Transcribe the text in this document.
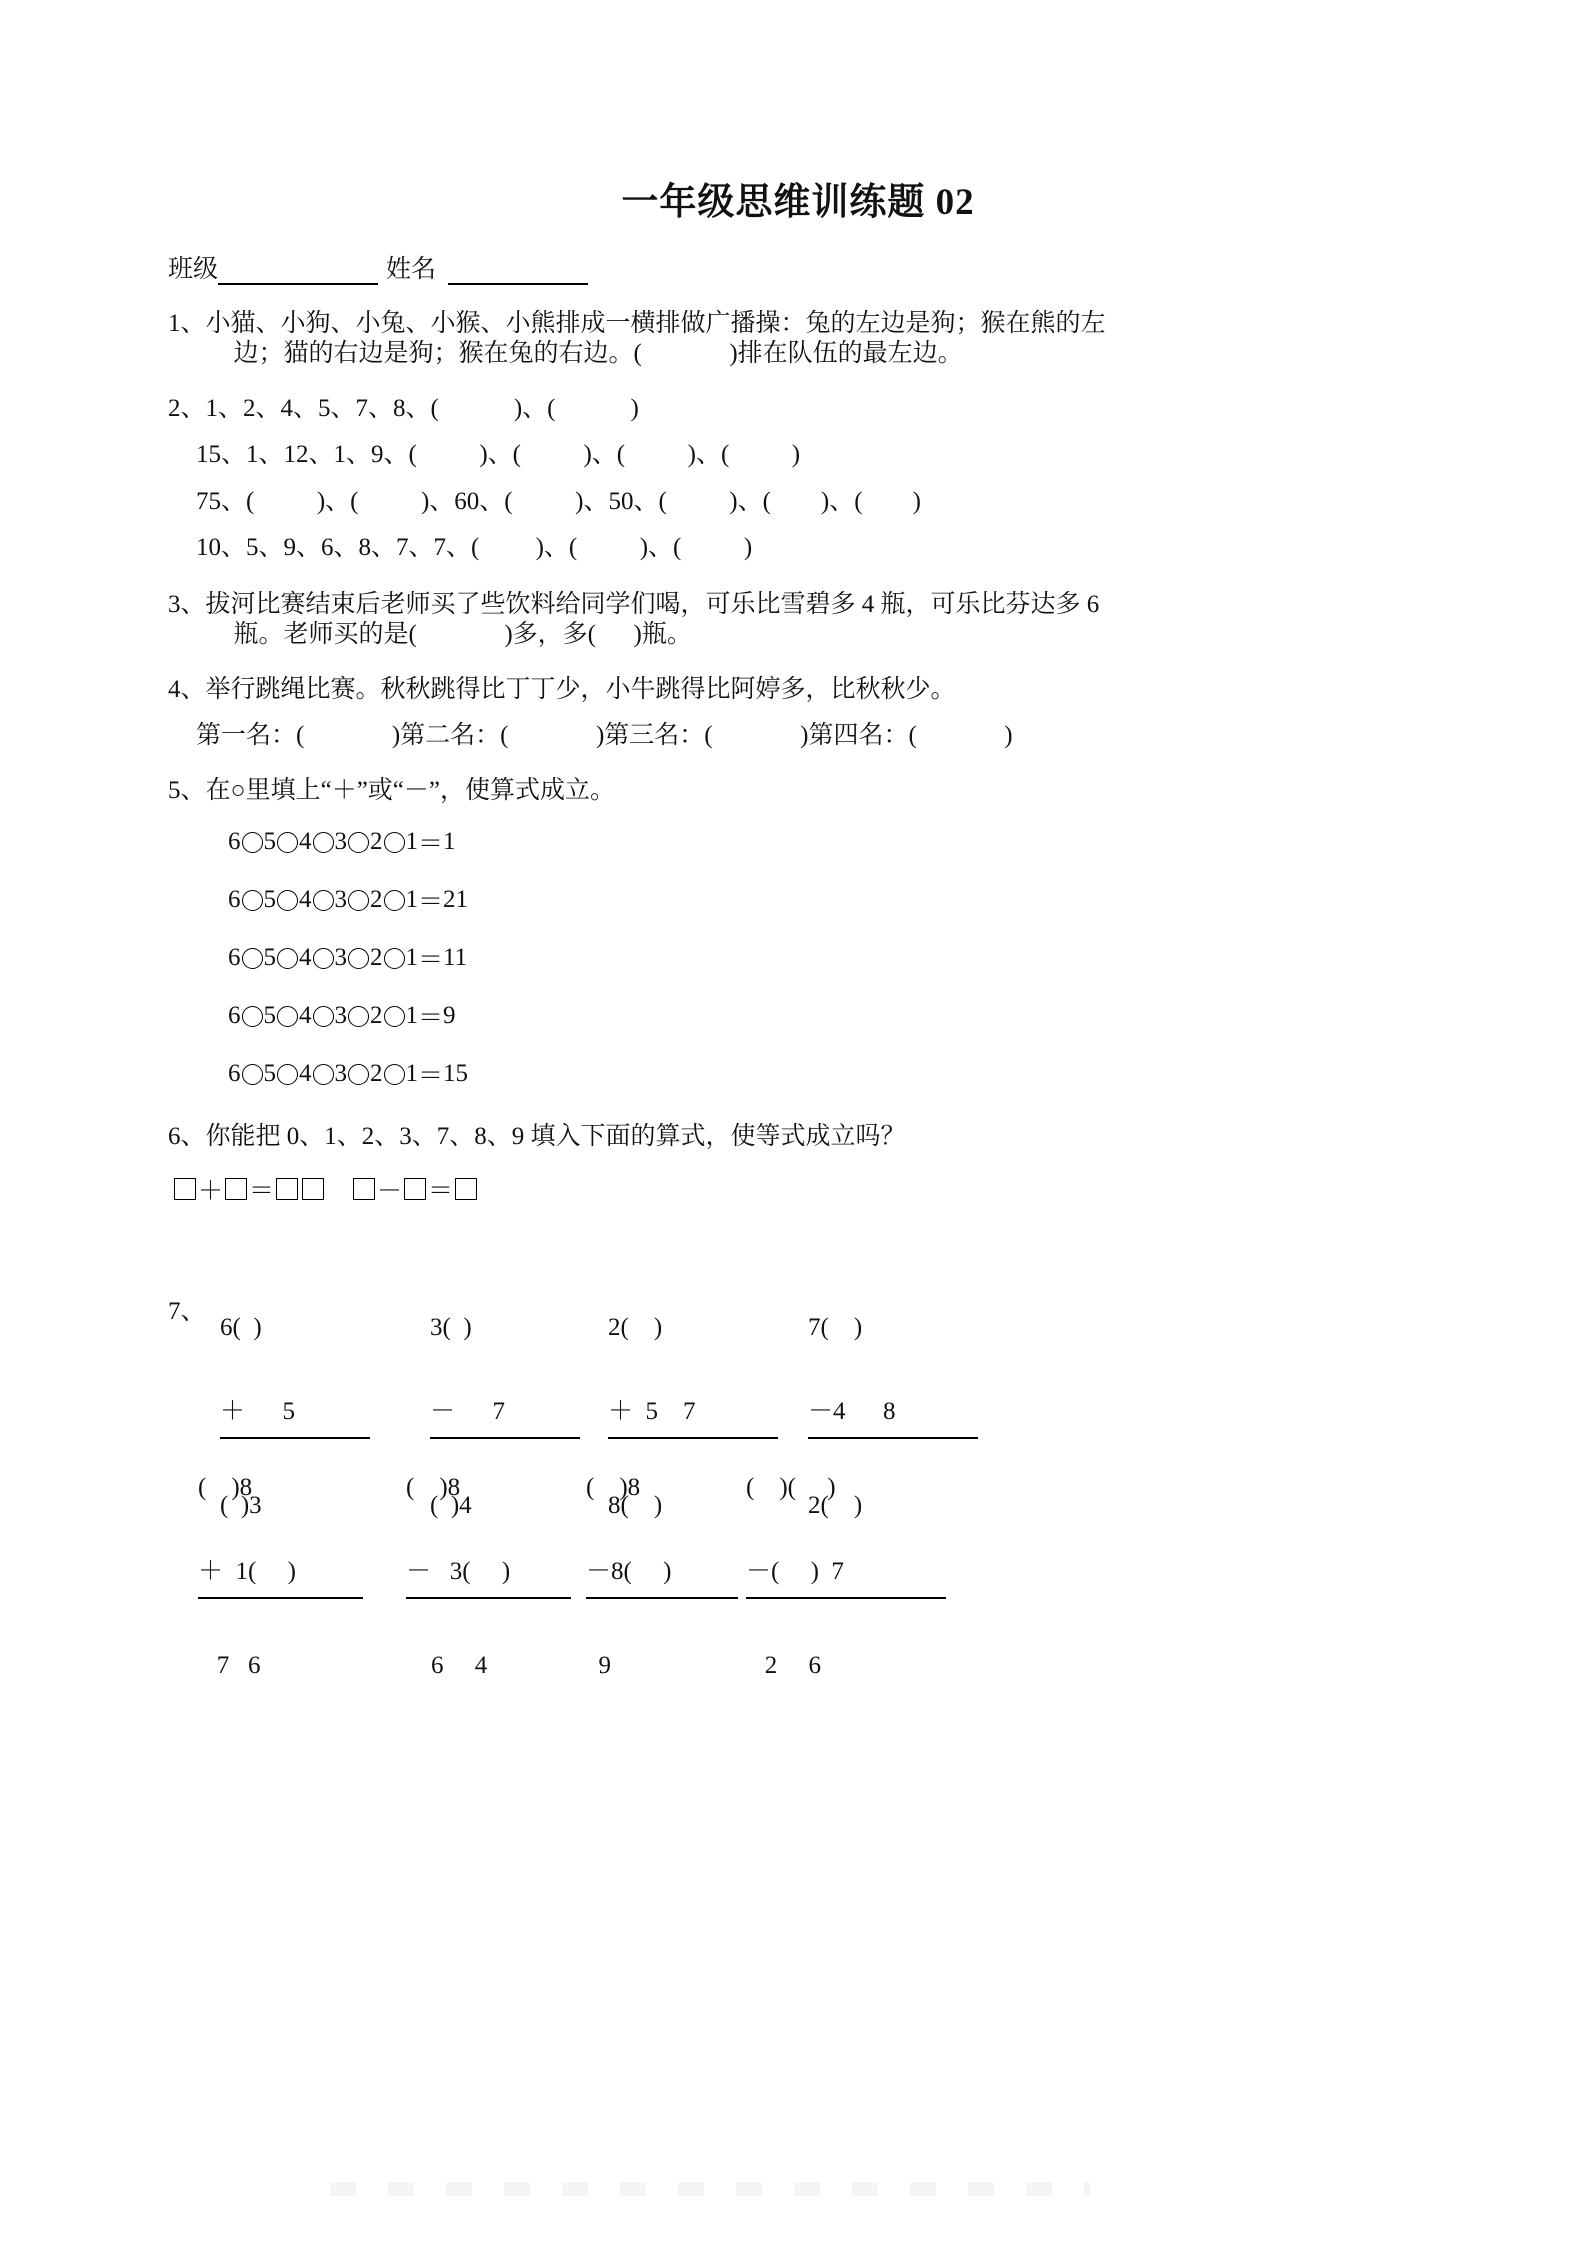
一年级思维训练题 02
班级	姓名
1、 小猫、小狗、小兔、小猴、小熊排成一横排做广播操：兔的左边是狗；猴在熊的左
边；猫的右边是狗；猴在兔的右边。(              )排在队伍的最左边。
2、 1、2、4、5、7、8、(            )、(            )
15、1、12、1、9、(          )、(          )、(          )、(          )
75、(          )、(          )、60、(          )、50、(          )、(        )、(        )
10、5、9、6、8、7、7、(         )、(          )、(          )
3、 拔河比赛结束后老师买了些饮料给同学们喝，可乐比雪碧多 4 瓶，可乐比芬达多 6
瓶。老师买的是(              )多，多(      )瓶。
4、 举行跳绳比赛。秋秋跳得比丁丁少，小牛跳得比阿婷多，比秋秋少。
第一名：(              )第二名：(              )第三名：(              )第四名：(              )
5、 在○里填上“＋”或“－”，使算式成立。
6 5 4 3 2 1 ＝ 1
6 5 4 3 2 1 ＝ 21
6 5 4 3 2 1 ＝ 11
6 5 4 3 2 1 ＝ 9
6 5 4 3 2 1 ＝ 15
6、 你能把 0、1、2、3、7、8、9 填入下面的算式，使等式成立吗？
＋ ＝
	－ ＝
7、

6(  )

＋      5

(  )3

3(  )

－      7

(  )4

2(    )

＋  5    7

8(    )

7(    )

－4      8

2(    )

(    )8

＋  1(     )

7   6

(    )8

－   3(     )

6     4

(    )8

－8(     )

9

(    )(     )

－(     )  7

2     6
